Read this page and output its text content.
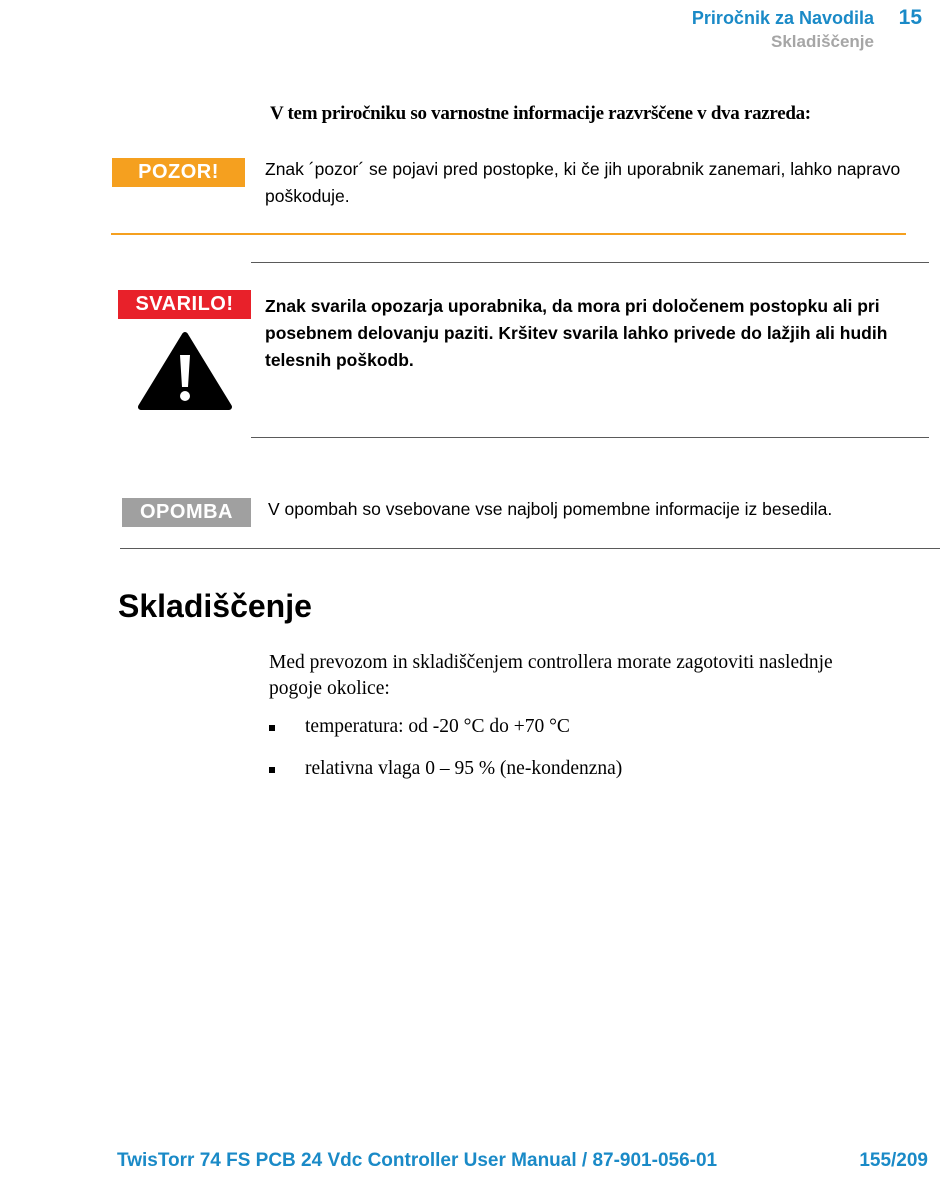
Priročnik za Navodila 15
Skladiščenje
V tem priročniku so varnostne informacije razvrščene v dva razreda:
POZOR!	Znak ´pozor´ se pojavi pred postopke, ki če jih uporabnik zanemari, lahko napravo poškoduje.
SVARILO!	Znak svarila opozarja uporabnika, da mora pri določenem postopku ali pri posebnem delovanju paziti. Kršitev svarila lahko privede do lažjih ali hudih telesnih poškodb.
OPOMBA	V opombah so vsebovane vse najbolj pomembne informacije iz besedila.
Skladiščenje
Med prevozom in skladiščenjem controllera morate zagotoviti naslednje pogoje okolice:
temperatura: od -20 °C do +70 °C
relativna vlaga 0 – 95 % (ne-kondenzna)
TwisTorr 74 FS PCB 24 Vdc Controller User Manual / 87-901-056-01	155/209
